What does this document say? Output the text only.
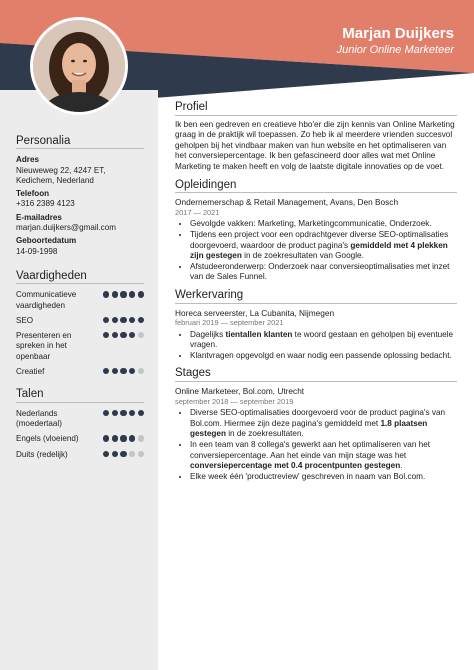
Marjan Duijkers
Junior Online Marketeer
Personalia
Adres
Nieuweweg 22, 4247 ET, Kedichem, Nederland
Telefoon
+316 2389 4123
E-mailadres
marjan.duijkers@gmail.com
Geboortedatum
14-09-1998
Vaardigheden
Communicatieve vaardigheden
SEO
Presenteren en spreken in het openbaar
Creatief
Talen
Nederlands (moedertaal)
Engels (vloeiend)
Duits (redelijk)
Profiel
Ik ben een gedreven en creatieve hbo'er die zijn kennis van Online Marketing graag in de praktijk wil toepassen. Zo heb ik al meerdere vrienden succesvol geholpen bij het vindbaar maken van hun website en het optimaliseren van het conversiepercentage. Ik ben gefascineerd door alles wat met Online Marketing te maken heeft en volg de laatste digitale innovaties op de voet.
Opleidingen
Ondernemerschap & Retail Management, Avans, Den Bosch
2017 — 2021
• Gevolgde vakken: Marketing, Marketingcommunicatie, Onderzoek.
• Tijdens een project voor een opdrachtgever diverse SEO-optimalisaties doorgevoerd, waardoor de product pagina's gemiddeld met 4 plekken zijn gestegen in de zoekresultaten van Google.
• Afstudeeronderwerp: Onderzoek naar conversieoptimalisaties met inzet van de Sales Funnel.
Werkervaring
Horeca serveerster, La Cubanita, Nijmegen
februari 2019 — september 2021
• Dagelijks tientallen klanten te woord gestaan en geholpen bij eventuele vragen.
• Klantvragen opgevolgd en waar nodig een passende oplossing bedacht.
Stages
Online Marketeer, Bol.com, Utrecht
september 2018 — september 2019
• Diverse SEO-optimalisaties doorgevoerd voor de product pagina's van Bol.com. Hiermee zijn deze pagina's gemiddeld met 1.8 plaatsen gestegen in de zoekresultaten.
• In een team van 8 collega's gewerkt aan het optimaliseren van het conversiepercentage. Aan het einde van mijn stage was het conversiepercentage met 0.4 procentpunten gestegen.
• Elke week één 'productreview' geschreven in naam van Bol.com.
